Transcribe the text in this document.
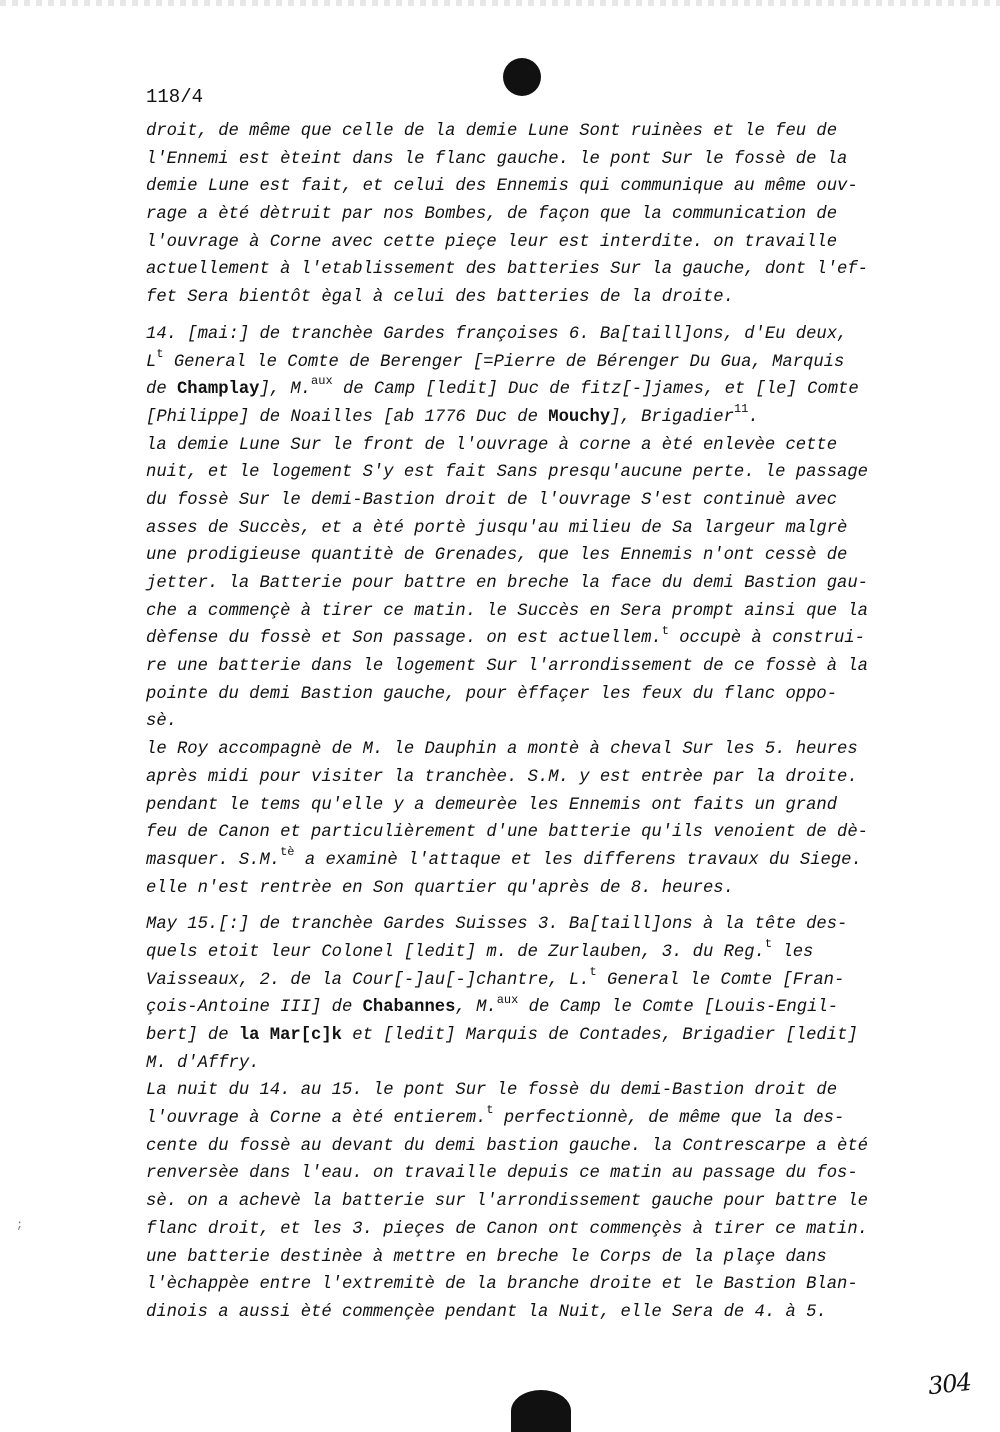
118/4
droit, de même que celle de la demie Lune Sont ruinèes et le feu de
l'Ennemi est èteint dans le flanc gauche. le pont Sur le fossè de la
demie Lune est fait, et celui des Ennemis qui communique au même ouv-
rage a èté dètruit par nos Bombes, de façon que la communication de
l'ouvrage à Corne avec cette pieçe leur est interdite. on travaille
actuellement à l'etablissement des batteries Sur la gauche, dont l'ef-
fet Sera bientôt ègal à celui des batteries de la droite.
14. [mai:] de tranchèe Gardes françoises 6. Ba[taill]ons, d'Eu deux,
$L^t$ General le Comte de Berenger [=Pierre de Bérenger Du Gua, Marquis
de Champlay], M.$^{aux}$ de Camp [ledit] Duc de fitz[-]james, et [le] Comte
[Philippe] de Noailles [ab 1776 Duc de Mouchy], Brigadier$^{11}$.
la demie Lune Sur le front de l'ouvrage à corne a èté enlevèe cette
nuit, et le logement S'y est fait Sans presqu'aucune perte. le passage
du fossè Sur le demi-Bastion droit de l'ouvrage S'est continuè avec
asses de Succès, et a èté portè jusqu'au milieu de Sa largeur malgrè
une prodigieuse quantitè de Grenades, que les Ennemis n'ont cessè de
jetter. la Batterie pour battre en breche la face du demi Bastion gau-
che a commençè à tirer ce matin. le Succès en Sera prompt ainsi que la
dèfense du fossè et Son passage. on est actuellem.$^t$ occupè à construi-
re une batterie dans le logement Sur l'arrondissement de ce fossè à la
pointe du demi Bastion gauche, pour èffaçer les feux du flanc oppo-
sè.
le Roy accompagnè de M. le Dauphin a montè à cheval Sur les 5. heures
après midi pour visiter la tranchèe. S.M. y est entrèe par la droite.
pendant le tems qu'elle y a demeurèe les Ennemis ont faits un grand
feu de Canon et particulièrement d'une batterie qu'ils venoient de dè-
masquer. S.M.$^{tè}$ a examinè l'attaque et les differens travaux du Siege.
elle n'est rentrèe en Son quartier qu'après de 8. heures.
May 15.[:] de tranchèe Gardes Suisses 3. Ba[taill]ons à la tête des-
quels etoit leur Colonel [ledit] m. de Zurlauben, 3. du Reg.$^t$ les
Vaisseaux, 2. de la Cour[-]au[-]chantre, L.$^t$ General le Comte [Fran-
çois-Antoine III] de Chabannes, M.$^{aux}$ de Camp le Comte [Louis-Engil-
bert] de la Mar[c]k et [ledit] Marquis de Contades, Brigadier [ledit]
M. d'Affry.
La nuit du 14. au 15. le pont Sur le fossè du demi-Bastion droit de
l'ouvrage à Corne a èté entierem.$^t$ perfectionnè, de même que la des-
cente du fossè au devant du demi bastion gauche. la Contrescarpe a èté
renversèe dans l'eau. on travaille depuis ce matin au passage du fos-
sè. on a achevè la batterie sur l'arrondissement gauche pour battre le
flanc droit, et les 3. pieçes de Canon ont commençès à tirer ce matin.
une batterie destinèe à mettre en breche le Corps de la plaçe dans
l'èchappèe entre l'extremitè de la branche droite et le Bastion Blan-
dinois a aussi èté commençèe pendant la Nuit, elle Sera de 4. à 5.
;
304
